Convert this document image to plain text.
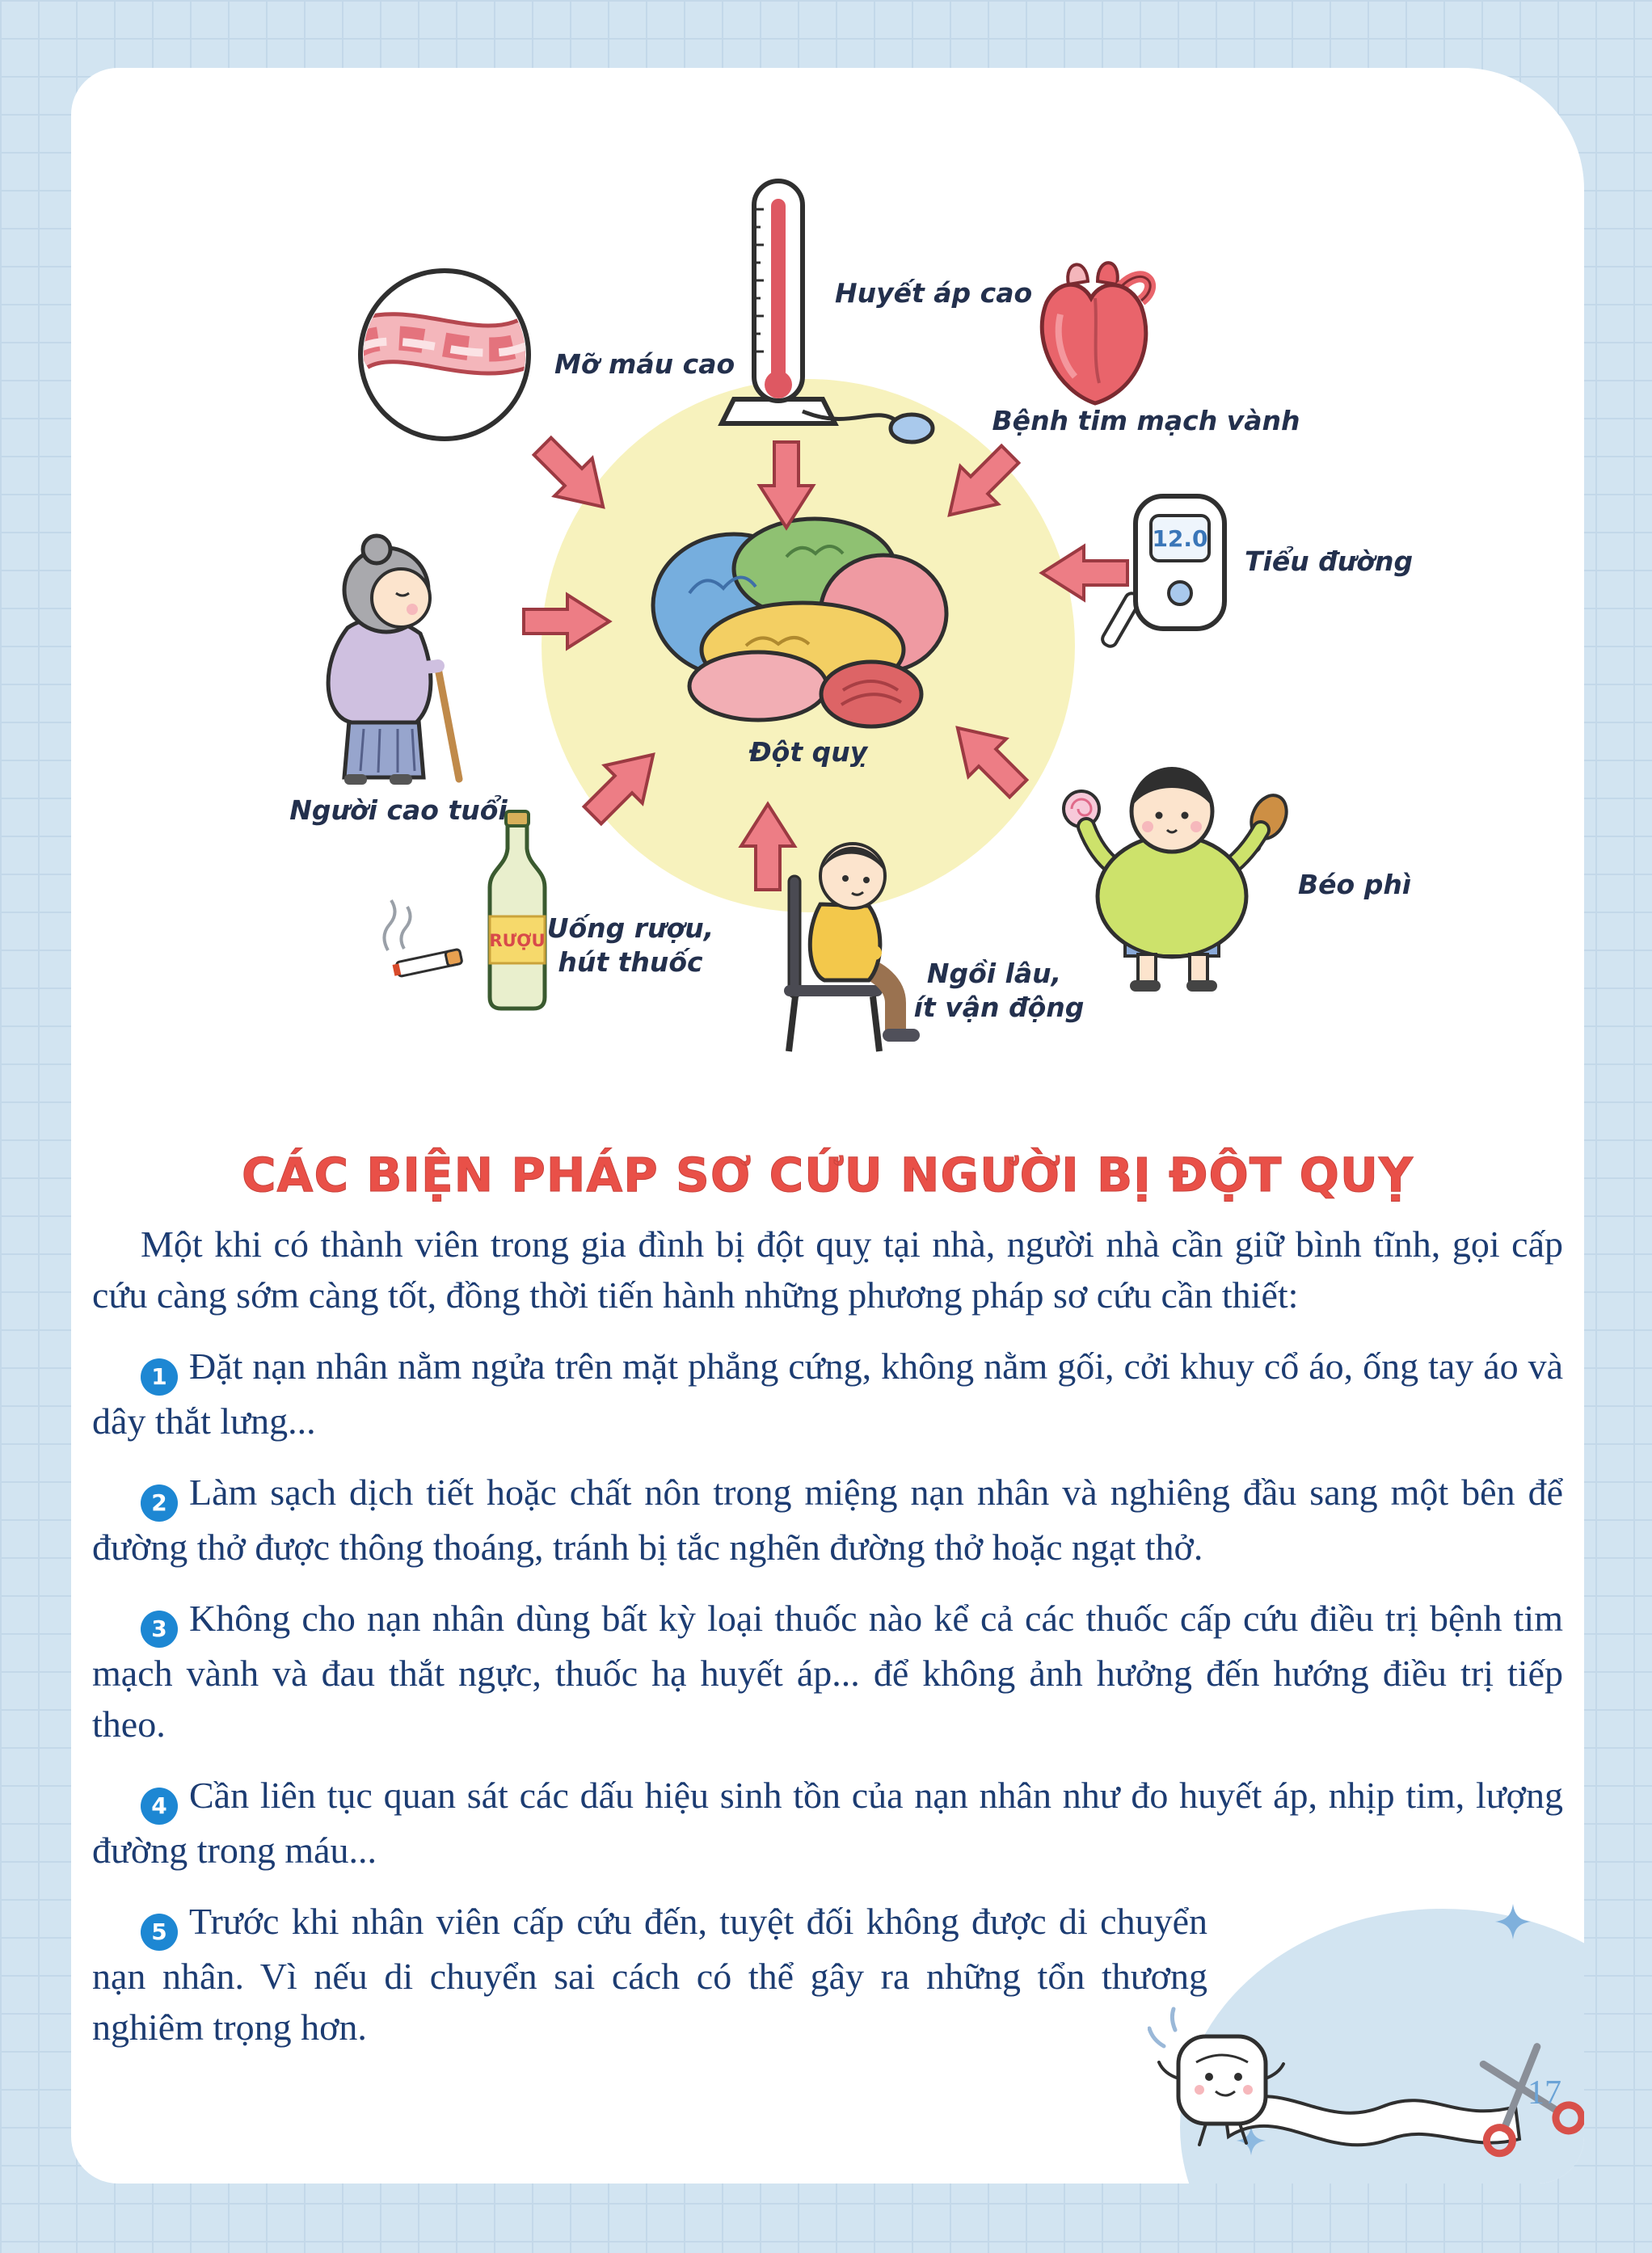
Đột quỵ
Mỡ máu cao
Huyết áp cao
Bệnh tim mạch vành
12.0
Tiểu đường
Béo phì
Ngồi lâu,
ít vận động
RƯỢU Uống rượu,
hút thuốc
Người cao tuổi
CÁC BIỆN PHÁP SƠ CỨU NGƯỜI BỊ ĐỘT QUỴ

Một khi có thành viên trong gia đình bị đột quỵ tại nhà, người nhà cần giữ bình tĩnh, gọi cấp cứu càng sớm càng tốt, đồng thời tiến hành những phương pháp sơ cứu cần thiết:

1 Đặt nạn nhân nằm ngửa trên mặt phẳng cứng, không nằm gối, cởi khuy cổ áo, ống tay áo và dây thắt lưng...

2 Làm sạch dịch tiết hoặc chất nôn trong miệng nạn nhân và nghiêng đầu sang một bên để đường thở được thông thoáng, tránh bị tắc nghẽn đường thở hoặc ngạt thở.

3 Không cho nạn nhân dùng bất kỳ loại thuốc nào kể cả các thuốc cấp cứu điều trị bệnh tim mạch vành và đau thắt ngực, thuốc hạ huyết áp... để không ảnh hưởng đến hướng điều trị tiếp theo.

4 Cần liên tục quan sát các dấu hiệu sinh tồn của nạn nhân như đo huyết áp, nhịp tim, lượng đường trong máu...

5 Trước khi nhân viên cấp cứu đến, tuyệt đối không được di chuyển nạn nhân. Vì nếu di chuyển sai cách có thể gây ra những tổn thương nghiêm trọng hơn.

17
